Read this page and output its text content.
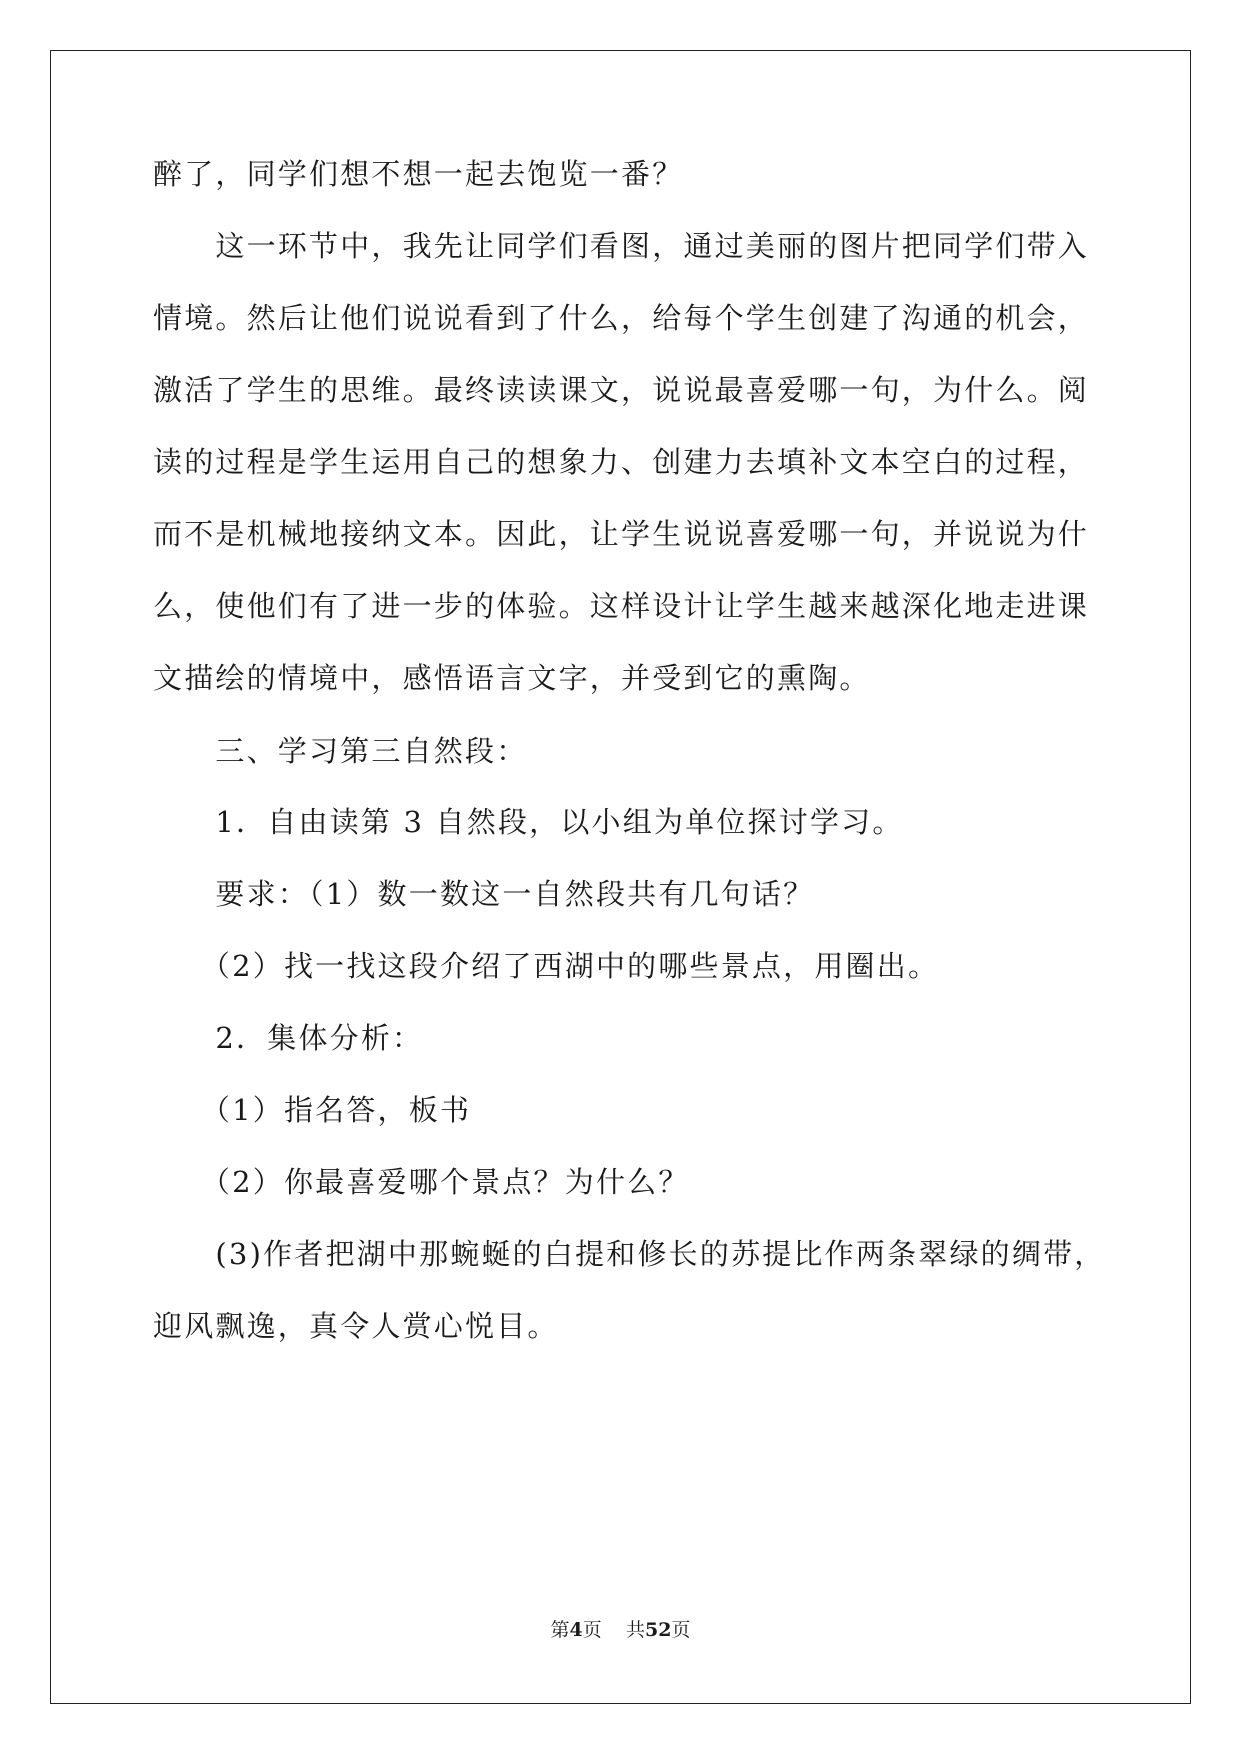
醉了，同学们想不想一起去饱览一番？
　　这一环节中，我先让同学们看图，通过美丽的图片把同学们带入
情境。然后让他们说说看到了什么，给每个学生创建了沟通的机会，
激活了学生的思维。最终读读课文，说说最喜爱哪一句，为什么。阅
读的过程是学生运用自己的想象力、创建力去填补文本空白的过程，
而不是机械地接纳文本。因此，让学生说说喜爱哪一句，并说说为什
么，使他们有了进一步的体验。这样设计让学生越来越深化地走进课
文描绘的情境中，感悟语言文字，并受到它的熏陶。
　　三、学习第三自然段：
　　1．自由读第 3 自然段，以小组为单位探讨学习。
　　要求：（1）数一数这一自然段共有几句话？
　　（2）找一找这段介绍了西湖中的哪些景点，用圈出。
　　2．集体分析：
　　（1）指名答，板书
　　（2）你最喜爱哪个景点？为什么？
　　(3)作者把湖中那蜿蜒的白提和修长的苏提比作两条翠绿的绸带，
迎风飘逸，真令人赏心悦目。
第4页 共52页
